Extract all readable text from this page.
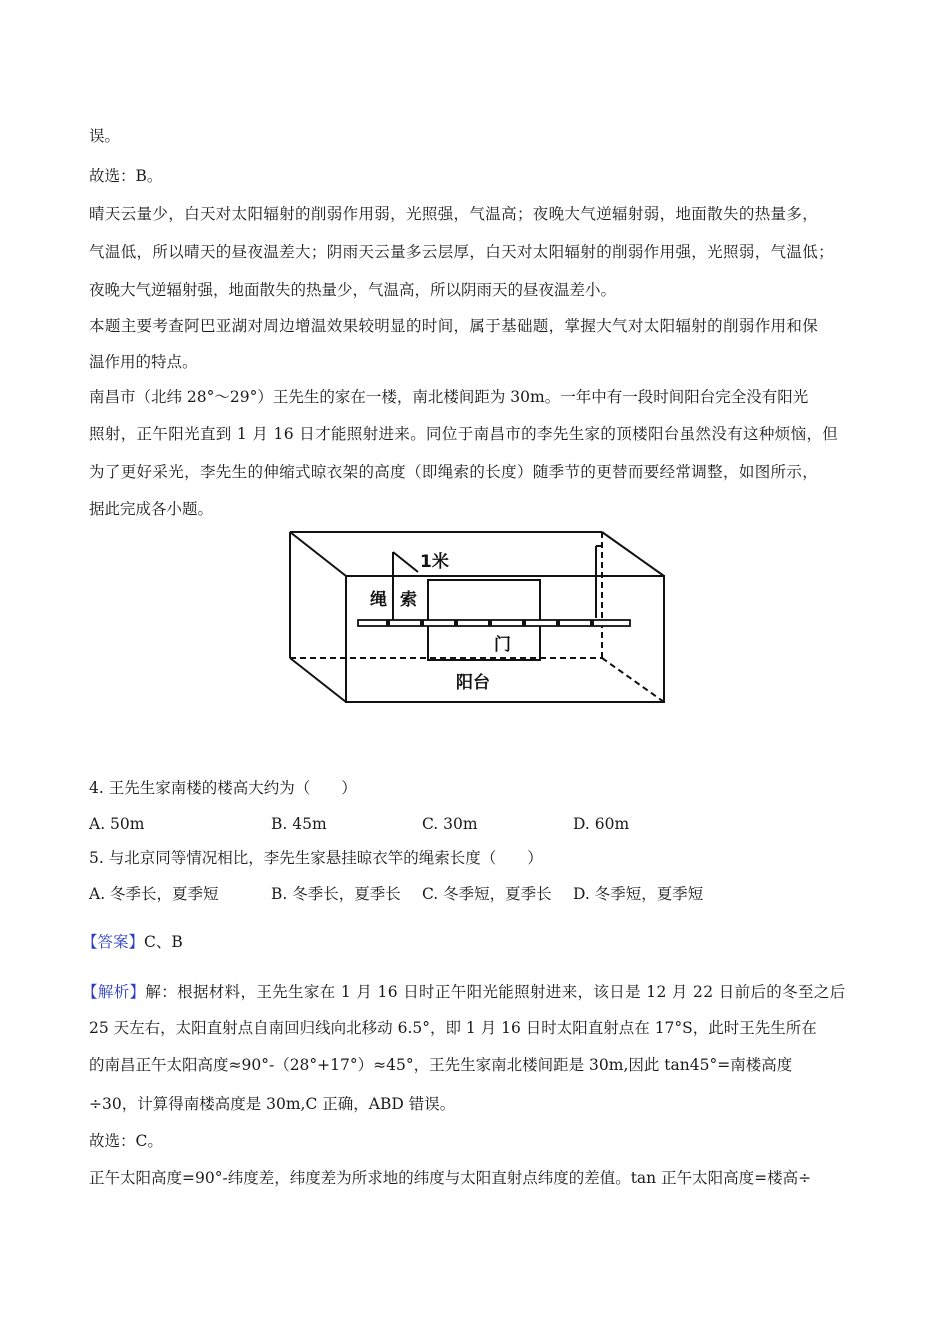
误。
故选：B。
晴天云量少，白天对太阳辐射的削弱作用弱，光照强，气温高；夜晚大气逆辐射弱，地面散失的热量多，
气温低，所以晴天的昼夜温差大；阴雨天云量多云层厚，白天对太阳辐射的削弱作用强，光照弱，气温低；
夜晚大气逆辐射强，地面散失的热量少，气温高，所以阴雨天的昼夜温差小。
本题主要考查阿巴亚湖对周边增温效果较明显的时间，属于基础题，掌握大气对太阳辐射的削弱作用和保
温作用的特点。
南昌市（北纬 28°～29°）王先生的家在一楼，南北楼间距为 30m。一年中有一段时间阳台完全没有阳光
照射，正午阳光直到 1 月 16 日才能照射进来。同位于南昌市的李先生家的顶楼阳台虽然没有这种烦恼，但
为了更好采光，李先生的伸缩式晾衣架的高度（即绳索的长度）随季节的更替而要经常调整，如图所示，
据此完成各小题。
1米
绳 索
门
阳台
4. 王先生家南楼的楼高大约为（　　）
A. 50m	B. 45m	C. 30m	D. 60m
5. 与北京同等情况相比，李先生家悬挂晾衣竿的绳索长度（　　）
A. 冬季长，夏季短	B. 冬季长，夏季长 C. 冬季短，夏季长 D. 冬季短，夏季短
【答案】C、B
【解析】解：根据材料，王先生家在 1 月 16 日时正午阳光能照射进来，该日是 12 月 22 日前后的冬至之后
25 天左右，太阳直射点自南回归线向北移动 6.5°，即 1 月 16 日时太阳直射点在 17°S，此时王先生所在
的南昌正午太阳高度≈90°-（28°+17°）≈45°，王先生家南北楼间距是 30m,因此 tan45°=南楼高度
÷30，计算得南楼高度是 30m,C 正确，ABD 错误。
故选：C。
正午太阳高度=90°-纬度差，纬度差为所求地的纬度与太阳直射点纬度的差值。tan 正午太阳高度=楼高÷
